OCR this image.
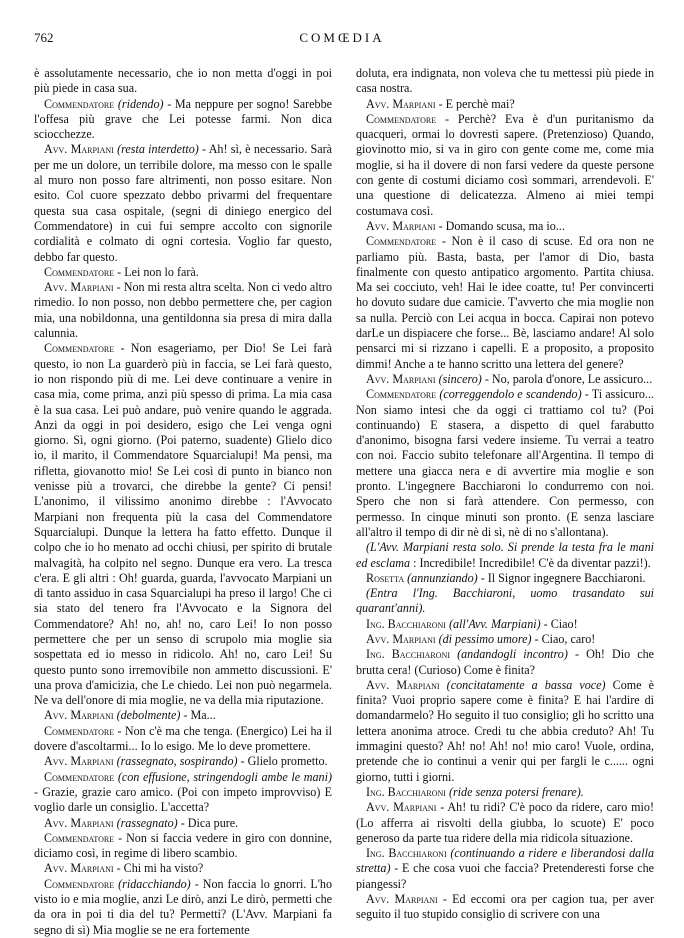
762	COMŒDIA

è assolutamente necessario, che io non metta d'oggi in poi più piede in casa sua.

Commendatore (ridendo) - Ma neppure per sogno! Sarebbe l'offesa più grave che Lei potesse farmi. Non dica sciocchezze.

Avv. Marpiani (resta interdetto) - Ah! sì, è necessario. Sarà per me un dolore, un terribile dolore, ma messo con le spalle al muro non posso fare altrimenti, non posso esitare. Non esito. Col cuore spezzato debbo privarmi del frequentare questa sua casa ospitale, (segni di diniego energico del Commendatore) in cui fui sempre accolto con signorile cordialità e colmato di ogni cortesia. Voglio far questo, debbo far questo.

Commendatore - Lei non lo farà.

Avv. Marpiani - Non mi resta altra scelta. Non ci vedo altro rimedio. Io non posso, non debbo permettere che, per cagion mia, una nobildonna, una gentildonna sia presa di mira dalla calunnia.

Commendatore - Non esageriamo, per Dio! Se Lei farà questo, io non La guarderò più in faccia, se Lei farà questo, io non rispondo più di me. Lei deve continuare a venire in casa mia, come prima, anzi più spesso di prima. La mia casa è la sua casa. Lei può andare, può venire quando le aggrada. Anzi da oggi in poi desidero, esigo che Lei venga ogni giorno. Sì, ogni giorno. (Poi paterno, suadente) Glielo dico io, il marito, il Commendatore Squarcialupi! Ma pensi, ma rifletta, giovanotto mio! Se Lei così di punto in bianco non venisse più a trovarci, che direbbe la gente? Ci pensi! L'anonimo, il vilissimo anonimo direbbe : l'Avvocato Marpiani non frequenta più la casa del Commendatore Squarcialupi. Dunque la lettera ha fatto effetto. Dunque il colpo che io ho menato ad occhi chiusi, per spirito di brutale malvagità, ha colpito nel segno. Dunque era vero. La tresca c'era. E gli altri : Oh! guarda, guarda, l'avvocato Marpiani un dì tanto assiduo in casa Squarcialupi ha preso il largo! Che ci sia stato del tenero fra l'Avvocato e la Signora del Commendatore? Ah! no, ah! no, caro Lei! Io non posso permettere che per un senso di scrupolo mia moglie sia sospettata ed io messo in ridicolo. Ah! no, caro Lei! Su questo punto sono irremovibile non ammetto discussioni. E' una prova d'amicizia, che Le chiedo. Lei non può negarmela. Ne va dell'onore di mia moglie, ne va della mia riputazione.

Avv. Marpiani (debolmente) - Ma...

Commendatore - Non c'è ma che tenga. (Energico) Lei ha il dovere d'ascoltarmi... Io lo esigo. Me lo deve promettere.

Avv. Marpiani (rassegnato, sospirando) - Glielo prometto.

Commendatore (con effusione, stringendogli ambe le mani) - Grazie, grazie caro amico. (Poi con impeto improvviso) E voglio darle un consiglio. L'accetta?

Avv. Marpiani (rassegnato) - Dica pure.

Commendatore - Non si faccia vedere in giro con donnine, diciamo così, in regime di libero scambio.

Avv. Marpiani - Chi mi ha visto?

Commendatore (ridacchiando) - Non faccia lo gnorri. L'ho visto io e mia moglie, anzi Le dirò, anzi Le dirò, permetti che da ora in poi ti dia del tu? Permetti? (L'Avv. Marpiani fa segno di sì) Mia moglie se ne era fortemente

doluta, era indignata, non voleva che tu mettessi più piede in casa nostra.

Avv. Marpiani - E perchè mai?

Commendatore - Perchè? Eva è d'un puritanismo da quacqueri, ormai lo dovresti sapere. (Pretenzioso) Quando, giovinotto mio, si va in giro con gente come me, come mia moglie, si ha il dovere di non farsi vedere da queste persone con gente di costumi diciamo così sommari, arrendevoli. E' una questione di delicatezza. Almeno ai miei tempi costumava così.

Avv. Marpiani - Domando scusa, ma io...

Commendatore - Non è il caso di scuse. Ed ora non ne parliamo più. Basta, basta, per l'amor di Dio, basta finalmente con questo antipatico argomento. Partita chiusa. Ma sei cocciuto, veh! Hai le idee coatte, tu! Per convincerti ho dovuto sudare due camicie. T'avverto che mia moglie non sa nulla. Perciò con Lei acqua in bocca. Capirai non potevo darLe un dispiacere che forse... Bè, lasciamo andare! Al solo pensarci mi si rizzano i capelli. E a proposito, a proposito dimmi! Anche a te hanno scritto una lettera del genere?

Avv. Marpiani (sincero) - No, parola d'onore, Le assicuro...

Commendatore (correggendolo e scandendo) - Ti assicuro... Non siamo intesi che da oggi ci trattiamo col tu? (Poi continuando) E stasera, a dispetto di quel farabutto d'anonimo, bisogna farsi vedere insieme. Tu verrai a teatro con noi. Faccio subito telefonare all'Argentina. Il tempo di mettere una giacca nera e di avvertire mia moglie e son pronto. L'ingegnere Bacchiaroni lo condurremo con noi. Spero che non si farà attendere. Con permesso, con permesso. In cinque minuti son pronto. (E senza lasciare all'altro il tempo di dir nè di sì, nè di no s'allontana).

(L'Avv. Marpiani resta solo. Si prende la testa fra le mani ed esclama : Incredibile! Incredibile! C'è da diventar pazzi!).

Rosetta (annunziando) - Il Signor ingegnere Bacchiaroni.

(Entra l'Ing. Bacchiaroni, uomo trasandato sui quarant'anni).

Ing. Bacchiaroni (all'Avv. Marpiani) - Ciao!

Avv. Marpiani (di pessimo umore) - Ciao, caro!

Ing. Bacchiaroni (andandogli incontro) - Oh! Dio che brutta cera! (Curioso) Come è finita?

Avv. Marpiani (concitatamente a bassa voce) Come è finita? Vuoi proprio sapere come è finita? E hai l'ardire di domandarmelo? Ho seguito il tuo consiglio; gli ho scritto una lettera anonima atroce. Credi tu che abbia creduto? Ah! Tu immagini questo? Ah! no! Ah! no! mio caro! Vuole, ordina, pretende che io continui a venir qui per fargli le c...... ogni giorno, tutti i giorni.

Ing. Bacchiaroni (ride senza potersi frenare).

Avv. Marpiani - Ah! tu ridi? C'è poco da ridere, caro mio! (Lo afferra ai risvolti della giubba, lo scuote) E' poco generoso da parte tua ridere della mia ridicola situazione.

Ing. Bacchiaroni (continuando a ridere e liberandosi dalla stretta) - E che cosa vuoi che faccia? Pretenderesti forse che piangessi?

Avv. Marpiani - Ed eccomi ora per cagion tua, per aver seguito il tuo stupido consiglio di scrivere con una
